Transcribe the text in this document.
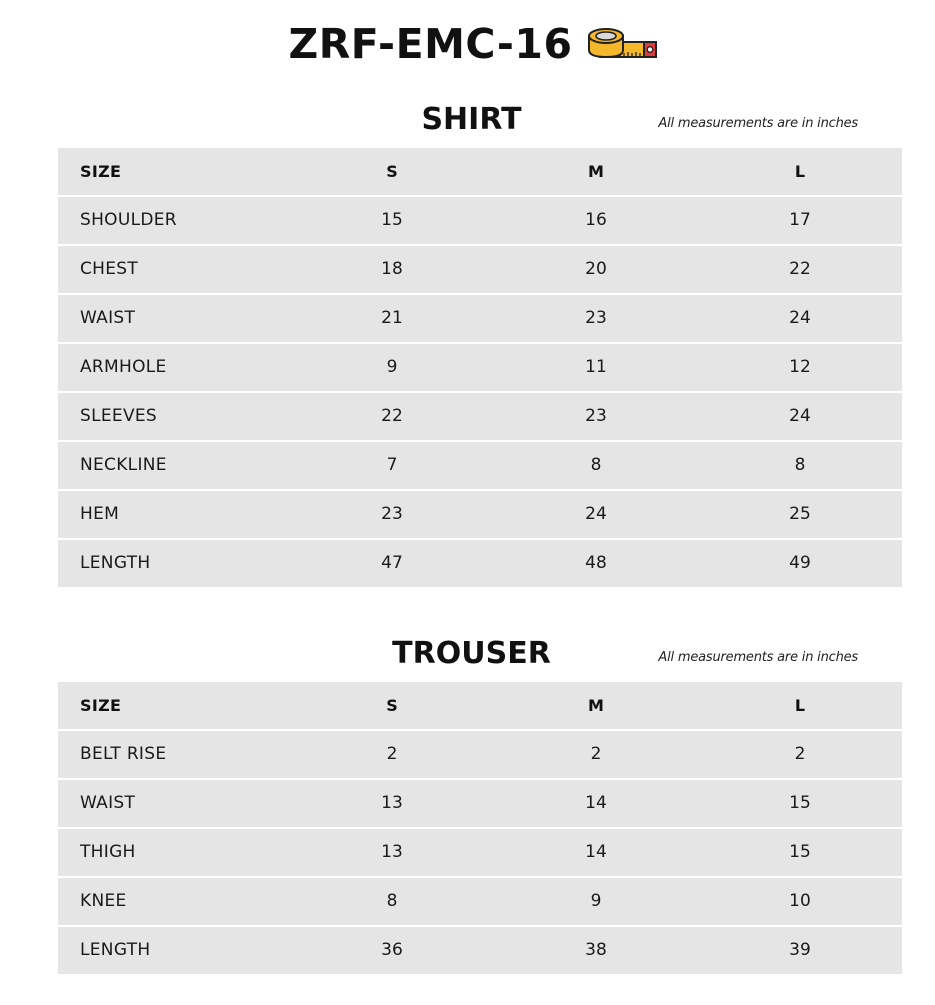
ZRF-EMC-16
SHIRT	All measurements are in inches
SIZE	S	M	L
SHOULDER	15	16	17
CHEST	18	20	22
WAIST	21	23	24
ARMHOLE	9	11	12
SLEEVES	22	23	24
NECKLINE	7	8	8
HEM	23	24	25
LENGTH	47	48	49
TROUSER	All measurements are in inches
SIZE	S	M	L
BELT RISE	2	2	2
WAIST	13	14	15
THIGH	13	14	15
KNEE	8	9	10
LENGTH	36	38	39
